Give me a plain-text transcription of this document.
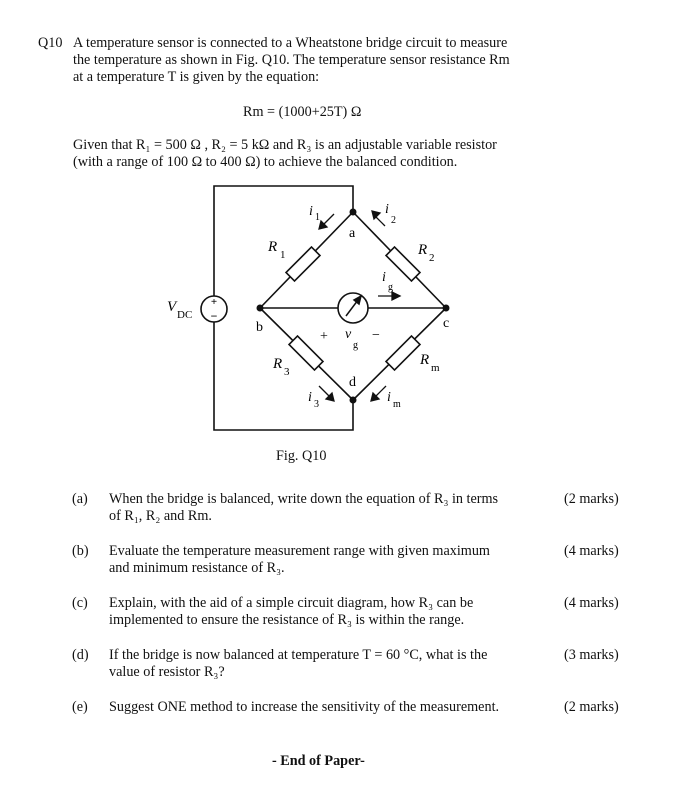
Q10 A temperature sensor is connected to a Wheatstone bridge circuit to measure
the temperature as shown in Fig. Q10. The temperature sensor resistance Rm
at a temperature T is given by the equation:
Rm = (1000+25T) Ω
Given that R₁ = 500 Ω , R₂ = 5 kΩ and R₃ is an adjustable variable resistor
(with a range of 100 Ω to 400 Ω) to achieve the balanced condition.
+
−
V DC
a
b	c
d
R 1	R 2
R 3
R m
i 1
i
2
i 3	i m
i
g
+ v
g
−
Fig. Q10
(a) When the bridge is balanced, write down the equation of R₃ in terms
of R₁, R₂ and Rm.
(2 marks)
(b) Evaluate the temperature measurement range with given maximum
and minimum resistance of R₃.
(4 marks)
(c) Explain, with the aid of a simple circuit diagram, how R₃ can be
implemented to ensure the resistance of R₃ is within the range.
(4 marks)
(d) If the bridge is now balanced at temperature T = 60 °C, what is the
value of resistor R₃?
(3 marks)
(e) Suggest ONE method to increase the sensitivity of the measurement.	(2 marks)
- End of Paper-
